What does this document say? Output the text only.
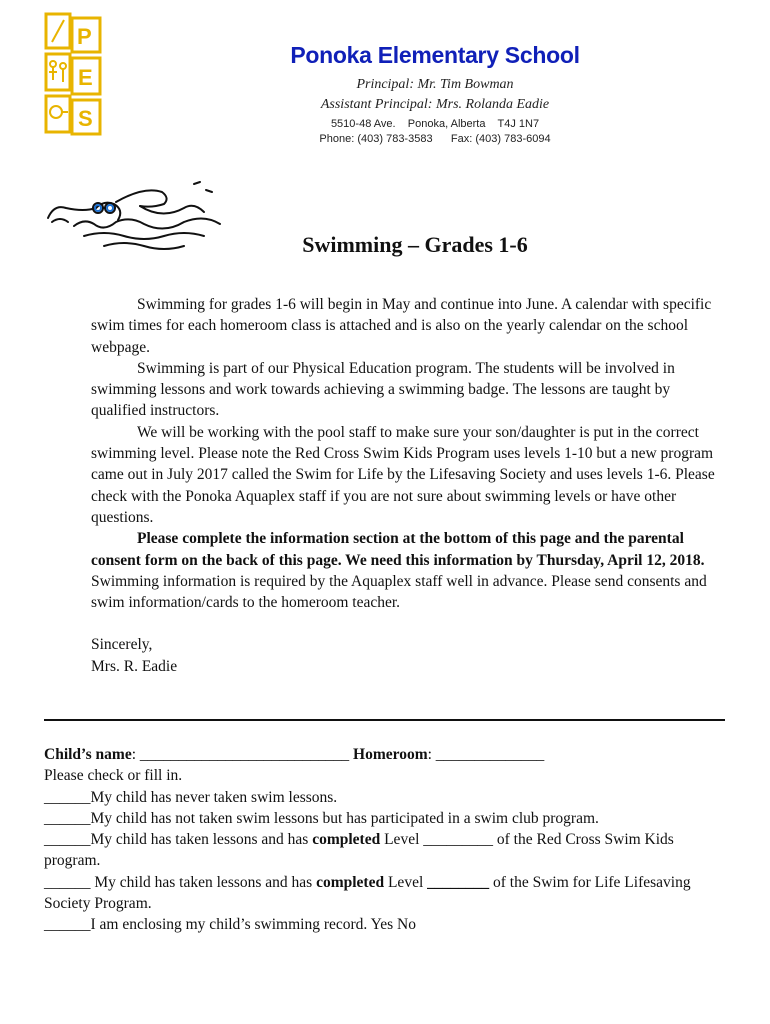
P
E
S
Ponoka Elementary School
Principal: Mr. Tim Bowman
Assistant Principal: Mrs. Rolanda Eadie
5510-48 Ave.    Ponoka, Alberta    T4J 1N7
Phone: (403) 783-3583      Fax: (403) 783-6094
Swimming – Grades 1-6

Swimming for grades 1-6 will begin in May and continue into June. A calendar with specific swim times for each homeroom class is attached and is also on the yearly calendar on the school webpage.

Swimming is part of our Physical Education program. The students will be involved in swimming lessons and work towards achieving a swimming badge. The lessons are taught by qualified instructors.

We will be working with the pool staff to make sure your son/daughter is put in the correct swimming level. Please note the Red Cross Swim Kids Program uses levels 1-10 but a new program came out in July 2017 called the Swim for Life by the Lifesaving Society and uses levels 1-6. Please check with the Ponoka Aquaplex staff if you are not sure about swimming levels or have other questions.

Please complete the information section at the bottom of this page and the parental consent form on the back of this page. We need this information by Thursday, April 12, 2018. Swimming information is required by the Aquaplex staff well in advance. Please send consents and swim information/cards to the homeroom teacher.

Sincerely,
Mrs. R. Eadie
Child’s name: ___________________________ Homeroom: ______________
Please check or fill in.
______My child has never taken swim lessons.
______My child has not taken swim lessons but has participated in a swim club program.
______My child has taken lessons and has completed Level _________ of the Red Cross Swim Kids program.
______ My child has taken lessons and has completed Level ________ of the Swim for Life Lifesaving Society Program.
______I am enclosing my child’s swimming record. Yes No
